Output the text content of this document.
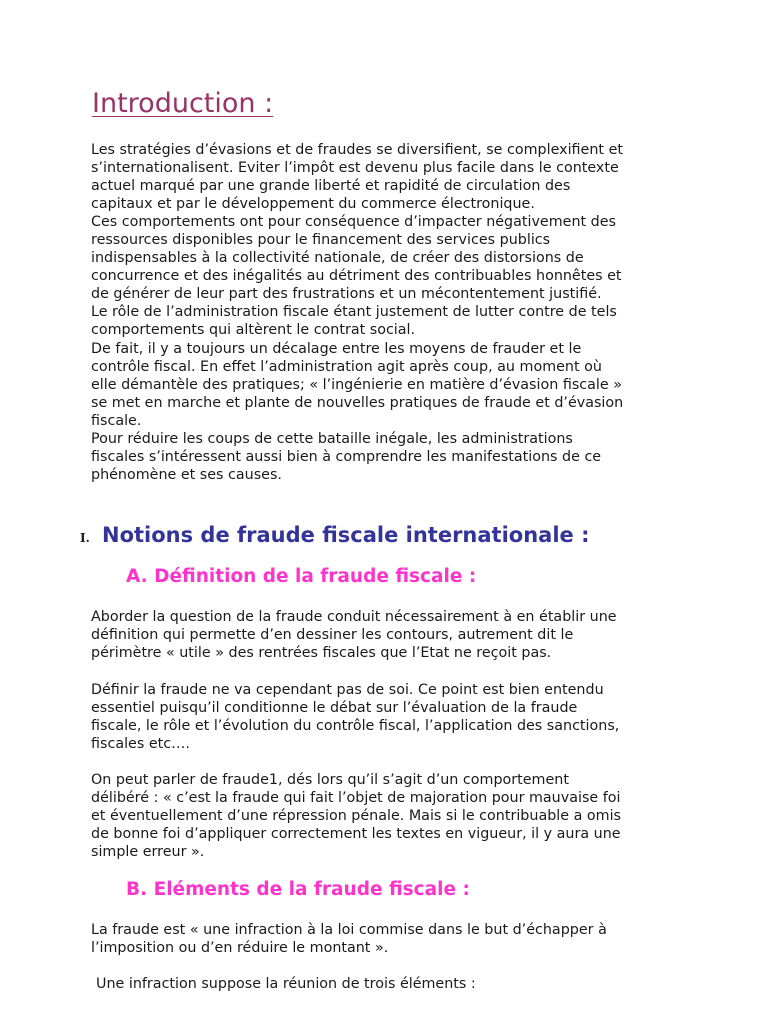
Introduction :

Les stratégies d’évasions et de fraudes se diversifient, se complexifient et

s’internationalisent. Eviter l’impôt est devenu plus facile dans le contexte

actuel marqué par une grande liberté et rapidité de circulation des

capitaux et par le développement du commerce électronique.

Ces comportements ont pour conséquence d’impacter négativement des

ressources disponibles pour le financement des services publics

indispensables à la collectivité nationale, de créer des distorsions de

concurrence et des inégalités au détriment des contribuables honnêtes et

de générer de leur part des frustrations et un mécontentement justifié.

Le rôle de l’administration fiscale étant justement de lutter contre de tels

comportements qui altèrent le contrat social.

De fait, il y a toujours un décalage entre les moyens de frauder et le

contrôle fiscal. En effet l’administration agit après coup, au moment où

elle démantèle des pratiques; « l’ingénierie en matière d’évasion fiscale »

se met en marche et plante de nouvelles pratiques de fraude et d’évasion

fiscale.

Pour réduire les coups de cette bataille inégale, les administrations

fiscales s’intéressent aussi bien à comprendre les manifestations de ce

phénomène et ses causes.

I. Notions de fraude fiscale internationale :
A. Définition de la fraude fiscale :

Aborder la question de la fraude conduit nécessairement à en établir une

définition qui permette d’en dessiner les contours, autrement dit le

périmètre « utile » des rentrées fiscales que l’Etat ne reçoit pas.

Définir la fraude ne va cependant pas de soi. Ce point est bien entendu

essentiel puisqu’il conditionne le débat sur l’évaluation de la fraude

fiscale, le rôle et l’évolution du contrôle fiscal, l’application des sanctions,

fiscales etc….

On peut parler de fraude1, dés lors qu’il s’agit d’un comportement

délibéré : « c’est la fraude qui fait l’objet de majoration pour mauvaise foi

et éventuellement d’une répression pénale. Mais si le contribuable a omis

de bonne foi d’appliquer correctement les textes en vigueur, il y aura une

simple erreur ».

B. Eléments de la fraude fiscale :

La fraude est « une infraction à la loi commise dans le but d’échapper à

l’imposition ou d’en réduire le montant ».

Une infraction suppose la réunion de trois éléments :
